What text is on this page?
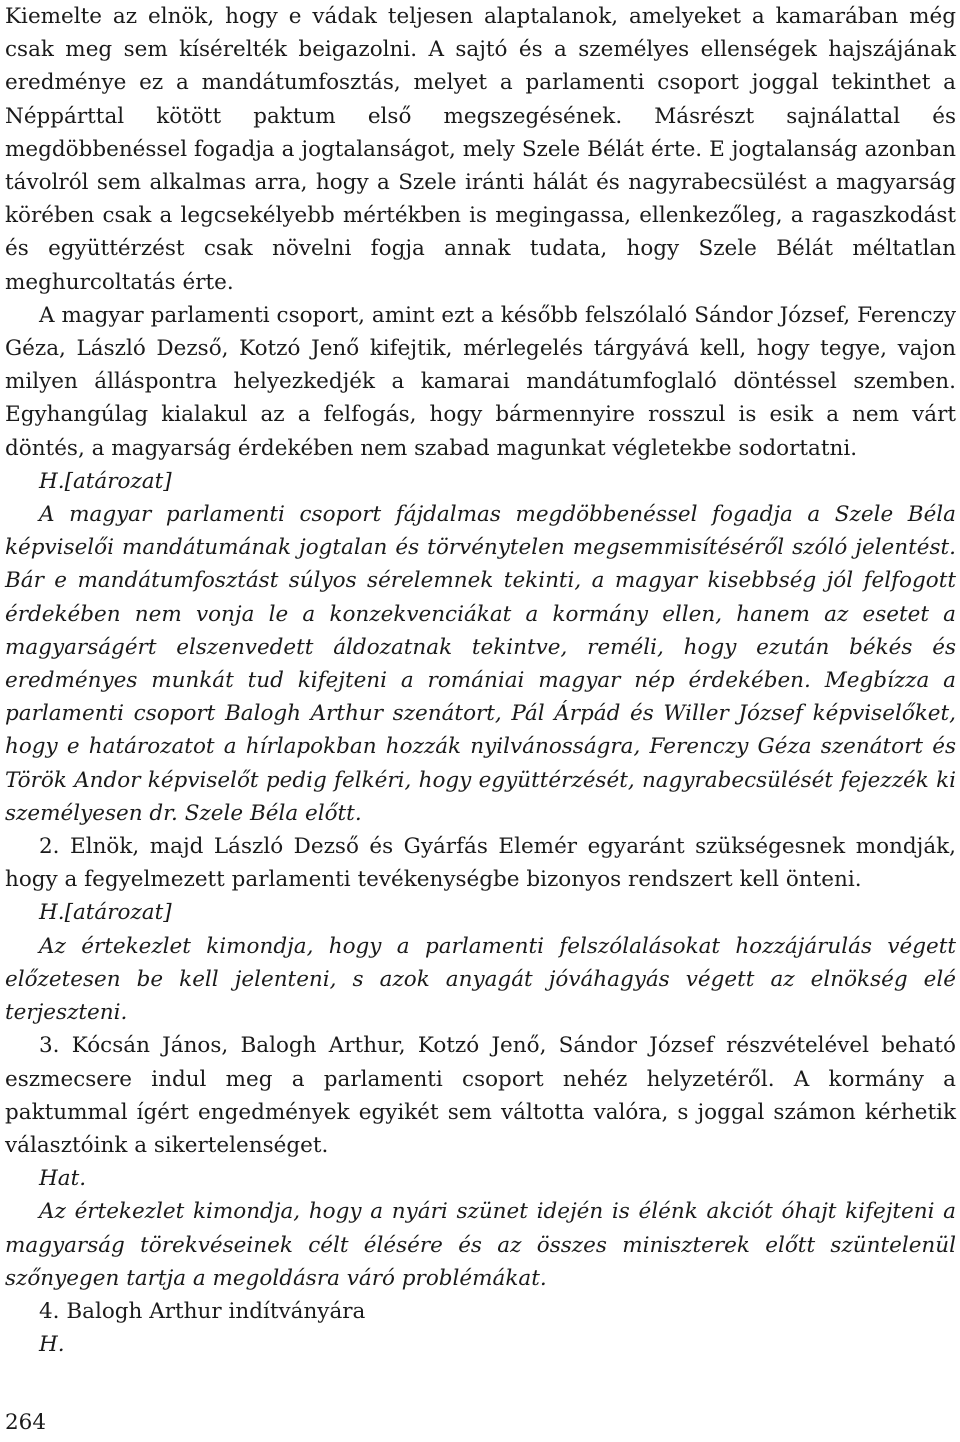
Kiemelte az elnök, hogy e vádak teljesen alaptalanok, amelyeket a kamarában még csak meg sem kísérelték beigazolni. A sajtó és a személyes ellenségek hajszájának eredménye ez a mandátumfosztás, melyet a parlamenti csoport joggal tekinthet a Néppárttal kötött paktum első megszegésének. Másrészt sajnálattal és megdöbbenéssel fogadja a jogtalanságot, mely Szele Bélát érte. E jogtalanság azonban távolról sem alkalmas arra, hogy a Szele iránti hálát és nagyrabecsülést a magyarság körében csak a legcsekélyebb mértékben is megingassa, ellenkezőleg, a ragaszkodást és együttérzést csak növelni fogja annak tudata, hogy Szele Bélát méltatlan meghurcoltatás érte.

A magyar parlamenti csoport, amint ezt a később felszólaló Sándor József, Ferenczy Géza, László Dezső, Kotzó Jenő kifejtik, mérlegelés tárgyává kell, hogy tegye, vajon milyen álláspontra helyezkedjék a kamarai mandátumfoglaló döntéssel szemben. Egyhangúlag kialakul az a felfogás, hogy bármennyire rosszul is esik a nem várt döntés, a magyarság érdekében nem szabad magunkat végletekbe sodortatni.

H.[atározat]

A magyar parlamenti csoport fájdalmas megdöbbenéssel fogadja a Szele Béla képviselői mandátumának jogtalan és törvénytelen megsemmisítéséről szóló jelentést. Bár e mandátumfosztást súlyos sérelemnek tekinti, a magyar kisebbség jól felfogott érdekében nem vonja le a konzekvenciákat a kormány ellen, hanem az esetet a magyarságért elszenvedett áldozatnak tekintve, reméli, hogy ezután békés és eredményes munkát tud kifejteni a romániai magyar nép érdekében. Megbízza a parlamenti csoport Balogh Arthur szenátort, Pál Árpád és Willer József képviselőket, hogy e határozatot a hírlapokban hozzák nyilvánosságra, Ferenczy Géza szenátort és Török Andor képviselőt pedig felkéri, hogy együttérzését, nagyrabecsülését fejezzék ki személyesen dr. Szele Béla előtt.

2. Elnök, majd László Dezső és Gyárfás Elemér egyaránt szükségesnek mondják, hogy a fegyelmezett parlamenti tevékenységbe bizonyos rendszert kell önteni.

H.[atározat]

Az értekezlet kimondja, hogy a parlamenti felszólalásokat hozzájárulás végett előzetesen be kell jelenteni, s azok anyagát jóváhagyás végett az elnökség elé terjeszteni.

3. Kócsán János, Balogh Arthur, Kotzó Jenő, Sándor József részvételével beható eszmecsere indul meg a parlamenti csoport nehéz helyzetéről. A kormány a paktummal ígért engedmények egyikét sem váltotta valóra, s joggal számon kérhetik választóink a sikertelenséget.

Hat.

Az értekezlet kimondja, hogy a nyári szünet idején is élénk akciót óhajt kifejteni a magyarság törekvéseinek célt élésére és az összes miniszterek előtt szüntelenül szőnyegen tartja a megoldásra váró problémákat.

4. Balogh Arthur indítványára

H.

264
